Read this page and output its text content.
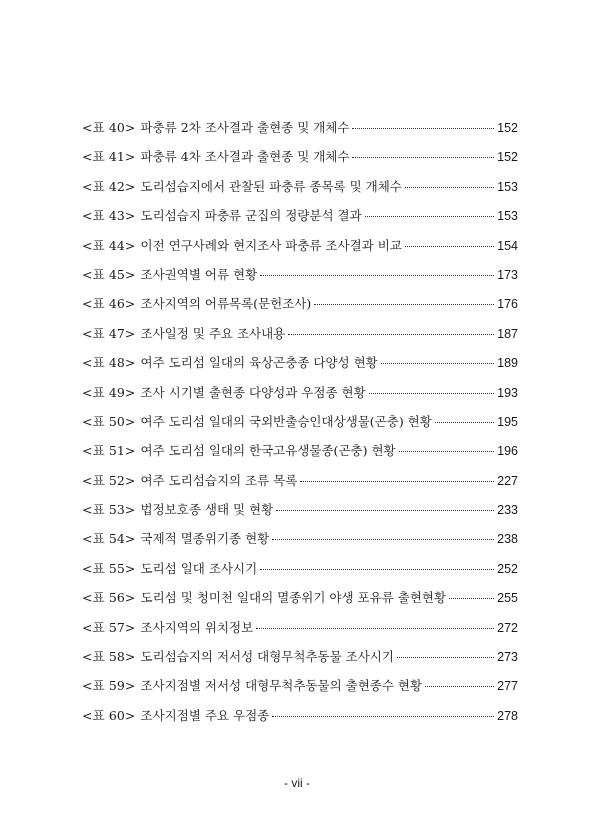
<표 40> 파충류 2차 조사결과 출현종 및 개체수	152
<표 41> 파충류 4차 조사결과 출현종 및 개체수	152
<표 42> 도리섬습지에서 관찰된 파충류 종목록 및 개체수	153
<표 43> 도리섬습지 파충류 군집의 정량분석 결과	153
<표 44> 이전 연구사례와 현지조사 파충류 조사결과 비교	154
<표 45> 조사권역별 어류 현황	173
<표 46> 조사지역의 어류목록(문헌조사)	176
<표 47> 조사일정 및 주요 조사내용	187
<표 48> 여주 도리섬 일대의 육상곤충종 다양성 현황	189
<표 49> 조사 시기별 출현종 다양성과 우점종 현황	193
<표 50> 여주 도리섬 일대의 국외반출승인대상생물(곤충) 현황	195
<표 51> 여주 도리섬 일대의 한국고유생물종(곤충) 현황	196
<표 52> 여주 도리섬습지의 조류 목록	227
<표 53> 법정보호종 생태 및 현황	233
<표 54> 국제적 멸종위기종 현황	238
<표 55> 도리섬 일대 조사시기	252
<표 56> 도리섬 및 청미천 일대의 멸종위기 야생 포유류 출현현황	255
<표 57> 조사지역의 위치정보	272
<표 58> 도리섬습지의 저서성 대형무척추동물 조사시기	273
<표 59> 조사지점별 저서성 대형무척추동물의 출현종수 현황	277
<표 60> 조사지점별 주요 우점종	278
- vii -
